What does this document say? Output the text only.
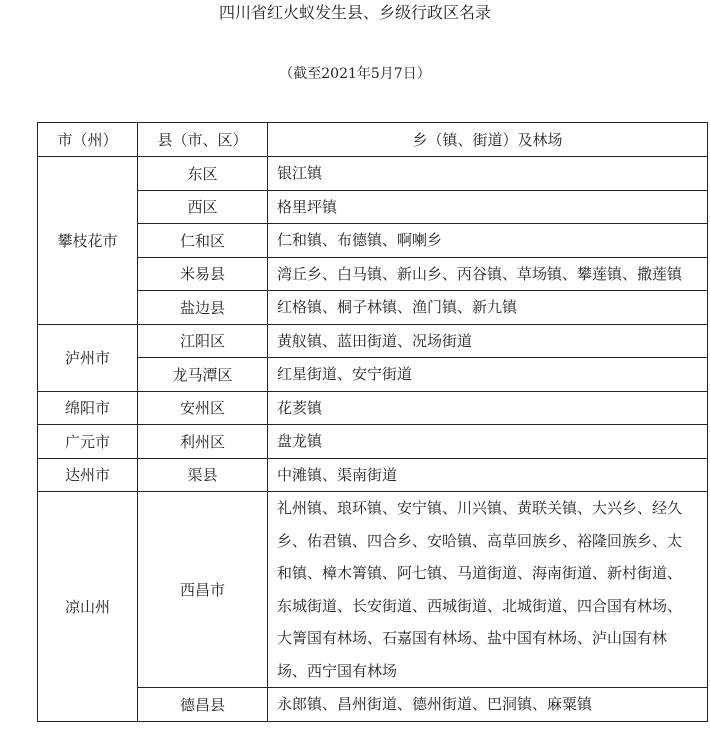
四川省红火蚁发生县、乡级行政区名录
（截至2021年5月7日）
市（州）	县（市、区）	乡（镇、街道）及林场
攀枝花市	东区	银江镇
	西区	格里坪镇
	仁和区	仁和镇、布德镇、啊喇乡
	米易县	湾丘乡、白马镇、新山乡、丙谷镇、草场镇、攀莲镇、撒莲镇
	盐边县	红格镇、桐子林镇、渔门镇、新九镇
泸州市	江阳区	黄舣镇、蓝田街道、况场街道
	龙马潭区	红星街道、安宁街道
绵阳市	安州区	花荄镇
广元市	利州区	盘龙镇
达州市	渠县	中滩镇、渠南街道
凉山州	西昌市	礼州镇、琅环镇、安宁镇、川兴镇、黄联关镇、大兴乡、经久乡、佑君镇、四合乡、安哈镇、高草回族乡、裕隆回族乡、太和镇、樟木箐镇、阿七镇、马道街道、海南街道、新村街道、东城街道、长安街道、西城街道、北城街道、四合国有林场、大箐国有林场、石嘉国有林场、盐中国有林场、泸山国有林场、西宁国有林场
	德昌县	永郎镇、昌州街道、德州街道、巴洞镇、麻粟镇
